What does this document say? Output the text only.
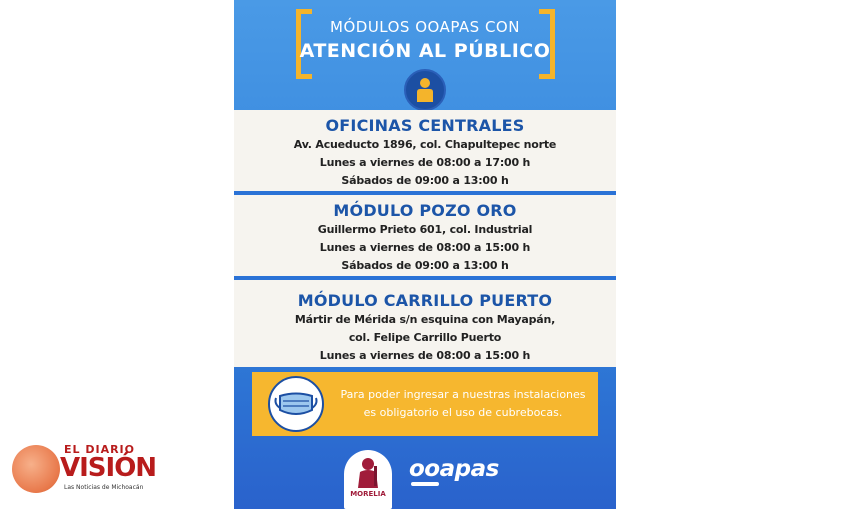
MÓDULOS OOAPAS CON
ATENCIÓN AL PÚBLICO
OFICINAS CENTRALES
Av. Acueducto 1896, col. Chapultepec norte
Lunes a viernes de 08:00 a 17:00 h
Sábados de 09:00 a 13:00 h
MÓDULO POZO ORO
Guillermo Prieto 601, col. Industrial
Lunes a viernes de 08:00 a 15:00 h
Sábados de 09:00 a 13:00 h
MÓDULO CARRILLO PUERTO
Mártir de Mérida s/n esquina con Mayapán,
col. Felipe Carrillo Puerto
Lunes a viernes de 08:00 a 15:00 h
Para poder ingresar a nuestras instalaciones
es obligatorio el uso de cubrebocas.
MORELIA
ooapas
EL DIARIO
VISIÓN
Las Noticias de Michoacán
